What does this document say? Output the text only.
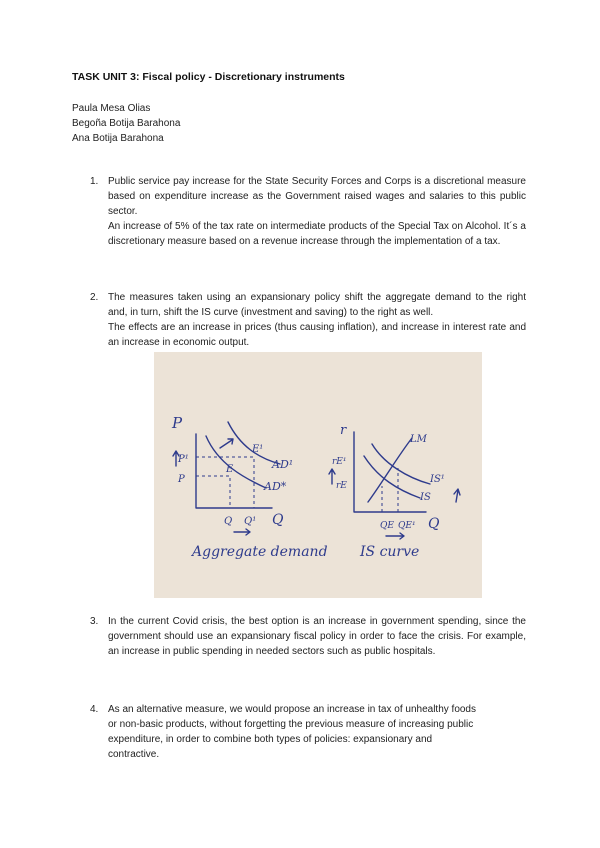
TASK UNIT 3: Fiscal policy - Discretionary instruments
Paula Mesa Olias
Begoña Botija Barahona
Ana Botija Barahona
1. Public service pay increase for the State Security Forces and Corps is a discretional measure based on expenditure increase as the Government raised wages and salaries to this public sector.

An increase of 5% of the tax rate on intermediate products of the Special Tax on Alcohol. It´s a discretionary measure based on a revenue increase through the implementation of a tax.

2. The measures taken using an expansionary policy shift the aggregate demand to the right and, in turn, shift the IS curve (investment and saving) to the right as well.

The effects are an increase in prices (thus causing inflation), and increase in interest rate and an increase in economic output.

P
P¹
P
E
E¹
AD¹
AD*
Q Q¹ Q
Aggregate demand
r
rE¹
rE
LM
IS¹
IS
QE QE¹ Q
IS curve
3. In the current Covid crisis, the best option is an increase in government spending, since the government should use an expansionary fiscal policy in order to face the crisis. For example, an increase in public spending in needed sectors such as public hospitals.

4. As an alternative measure, we would propose an increase in tax of unhealthy foods or non-basic products, without forgetting the previous measure of increasing public expenditure, in order to combine both types of policies: expansionary and contractive.
